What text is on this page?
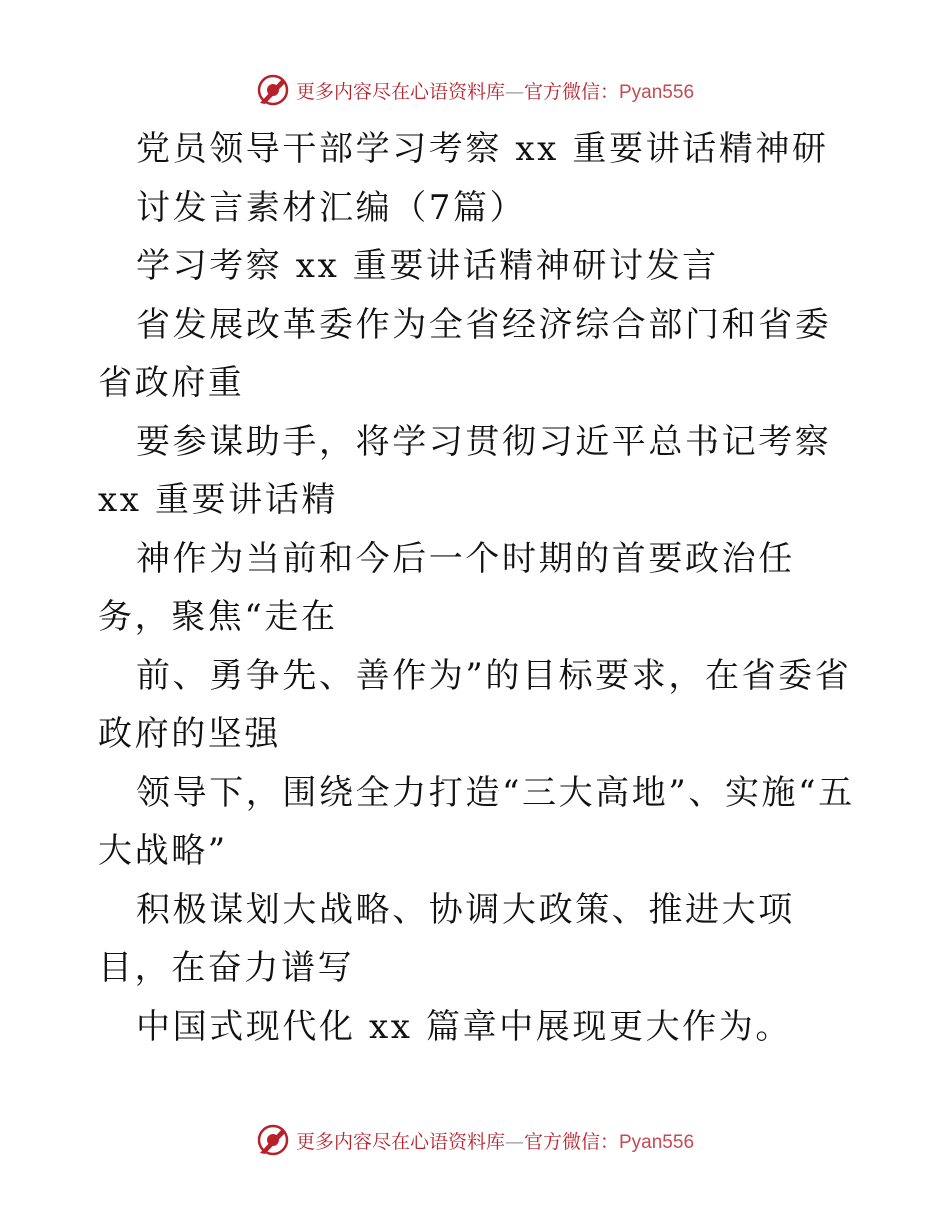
更多内容尽在心语资料库—官方微信：Pyan556

党员领导干部学习考察 xx 重要讲话精神研

讨发言素材汇编（7篇）

学习考察 xx 重要讲话精神研讨发言

省发展改革委作为全省经济综合部门和省委省政府重

要参谋助手，将学习贯彻习近平总书记考察 xx 重要讲话精

神作为当前和今后一个时期的首要政治任务，聚焦“走在

前、勇争先、善作为”的目标要求，在省委省政府的坚强

领导下，围绕全力打造“三大高地”、实施“五大战略”

积极谋划大战略、协调大政策、推进大项目，在奋力谱写

中国式现代化 xx 篇章中展现更大作为。

更多内容尽在心语资料库—官方微信：Pyan556
